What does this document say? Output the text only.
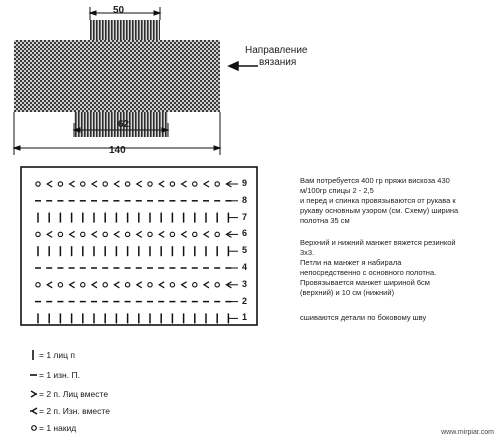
50
62
140
Направление
вязания
Вам потребуется 400 гр пряжи вискоза 430
м/100гр спицы 2 - 2,5
и перед и спинка провязываются от рукава к
рукаву основным узором (см. Схему) ширина
полотна 35 см
Верхний и нижний манжет вяжется резинкой
3х3.
Петли на манжет я набирала
непосредственно с основного полотна.
Провязывается манжет шириной 6см
(верхний) и 10 см (нижний)
сшиваются детали по боковому шву
= 1 лиц п
= 1 изн. П.
= 2 п. Лиц вместе
= 2 п. Изн. вместе
= 1 накид	www.mirpiar.com
9
8
7
6
5
4
3
2
1
